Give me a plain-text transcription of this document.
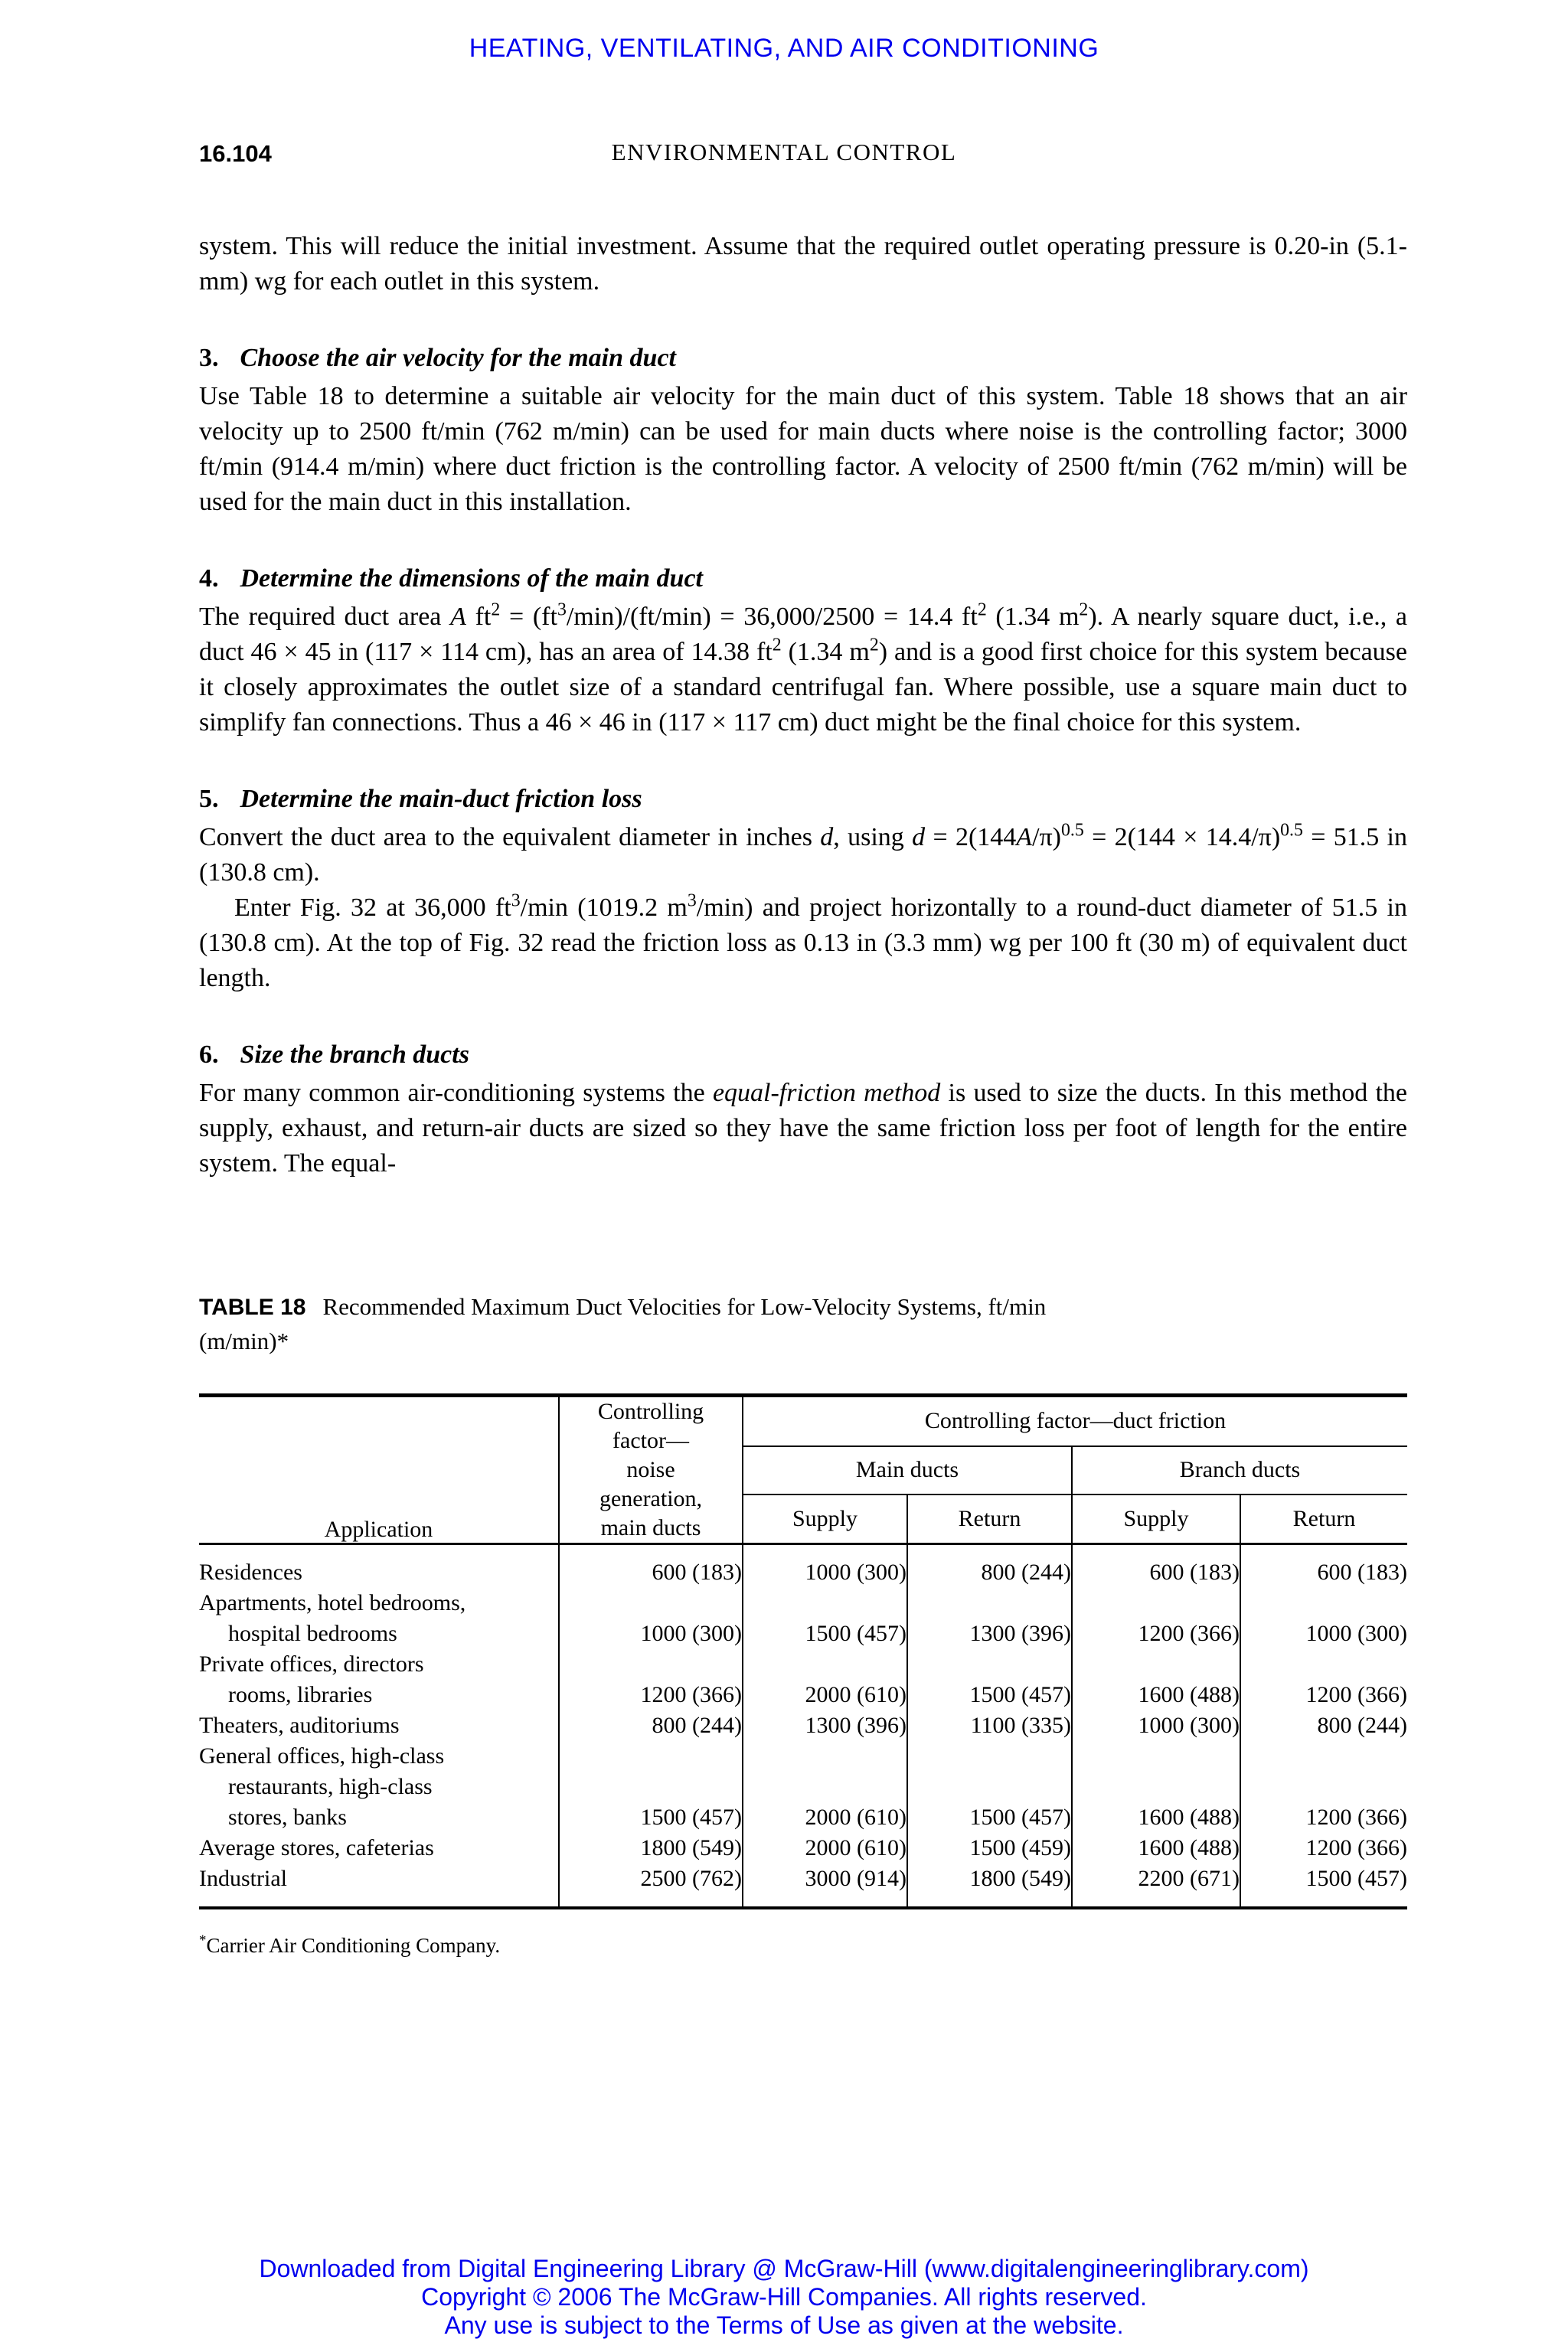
HEATING, VENTILATING, AND AIR CONDITIONING
16.104	ENVIRONMENTAL CONTROL

system. This will reduce the initial investment. Assume that the required outlet operating pressure is 0.20-in (5.1-mm) wg for each outlet in this system.

3. Choose the air velocity for the main duct

Use Table 18 to determine a suitable air velocity for the main duct of this system. Table 18 shows that an air velocity up to 2500 ft/min (762 m/min) can be used for main ducts where noise is the controlling factor; 3000 ft/min (914.4 m/min) where duct friction is the controlling factor. A velocity of 2500 ft/min (762 m/min) will be used for the main duct in this installation.

4. Determine the dimensions of the main duct

The required duct area A $ft^2 = (ft^3/\min)/(ft/\min) = 36,000/2500 = 14.4$ $ft^2$ (1.34 $m^2$). A nearly square duct, i.e., a duct 46 × 45 in (117 × 114 cm), has an area of 14.38 $ft^2$ (1.34 $m^2$) and is a good first choice for this system because it closely approximates the outlet size of a standard centrifugal fan. Where possible, use a square main duct to simplify fan connections. Thus a 46 × 46 in (117 × 117 cm) duct might be the final choice for this system.

5. Determine the main-duct friction loss

Convert the duct area to the equivalent diameter in inches d, using $d = 2(144A/\pi)^{0.5} = 2(144 \times 14.4/\pi)^{0.5} = 51.5$ in (130.8 cm).

Enter Fig. 32 at 36,000 $ft^3/\min$ (1019.2 $m^3/\min$) and project horizontally to a round-duct diameter of 51.5 in (130.8 cm). At the top of Fig. 32 read the friction loss as 0.13 in (3.3 mm) wg per 100 ft (30 m) of equivalent duct length.

6. Size the branch ducts

For many common air-conditioning systems the equal-friction method is used to size the ducts. In this method the supply, exhaust, and return-air ducts are sized so they have the same friction loss per foot of length for the entire system. The equal-

TABLE 18 Recommended Maximum Duct Velocities for Low-Velocity Systems, ft/min
(m/min)*
Application	Controlling
factor—
noise
generation,
main ducts	Controlling factor—duct friction			
		Main ducts		Branch ducts	
		Supply	Return	Supply	Return

Residences	600 (183)	1000 (300)	800 (244)	600 (183)	600 (183)

Apartments, hotel bedrooms,
hospital bedrooms	1000 (300)	1500 (457)	1300 (396)	1200 (366)	1000 (300)

Private offices, directors
rooms, libraries	1200 (366)	2000 (610)	1500 (457)	1600 (488)	1200 (366)

Theaters, auditoriums	800 (244)	1300 (396)	1100 (335)	1000 (300)	800 (244)

General offices, high-class
restaurants, high-class
stores, banks	1500 (457)	2000 (610)	1500 (457)	1600 (488)	1200 (366)

Average stores, cafeterias	1800 (549)	2000 (610)	1500 (459)	1600 (488)	1200 (366)

Industrial	2500 (762)	3000 (914)	1800 (549)	2200 (671)	1500 (457)
*Carrier Air Conditioning Company.
Downloaded from Digital Engineering Library @ McGraw-Hill (www.digitalengineeringlibrary.com)
Copyright © 2006 The McGraw-Hill Companies. All rights reserved.
Any use is subject to the Terms of Use as given at the website.
